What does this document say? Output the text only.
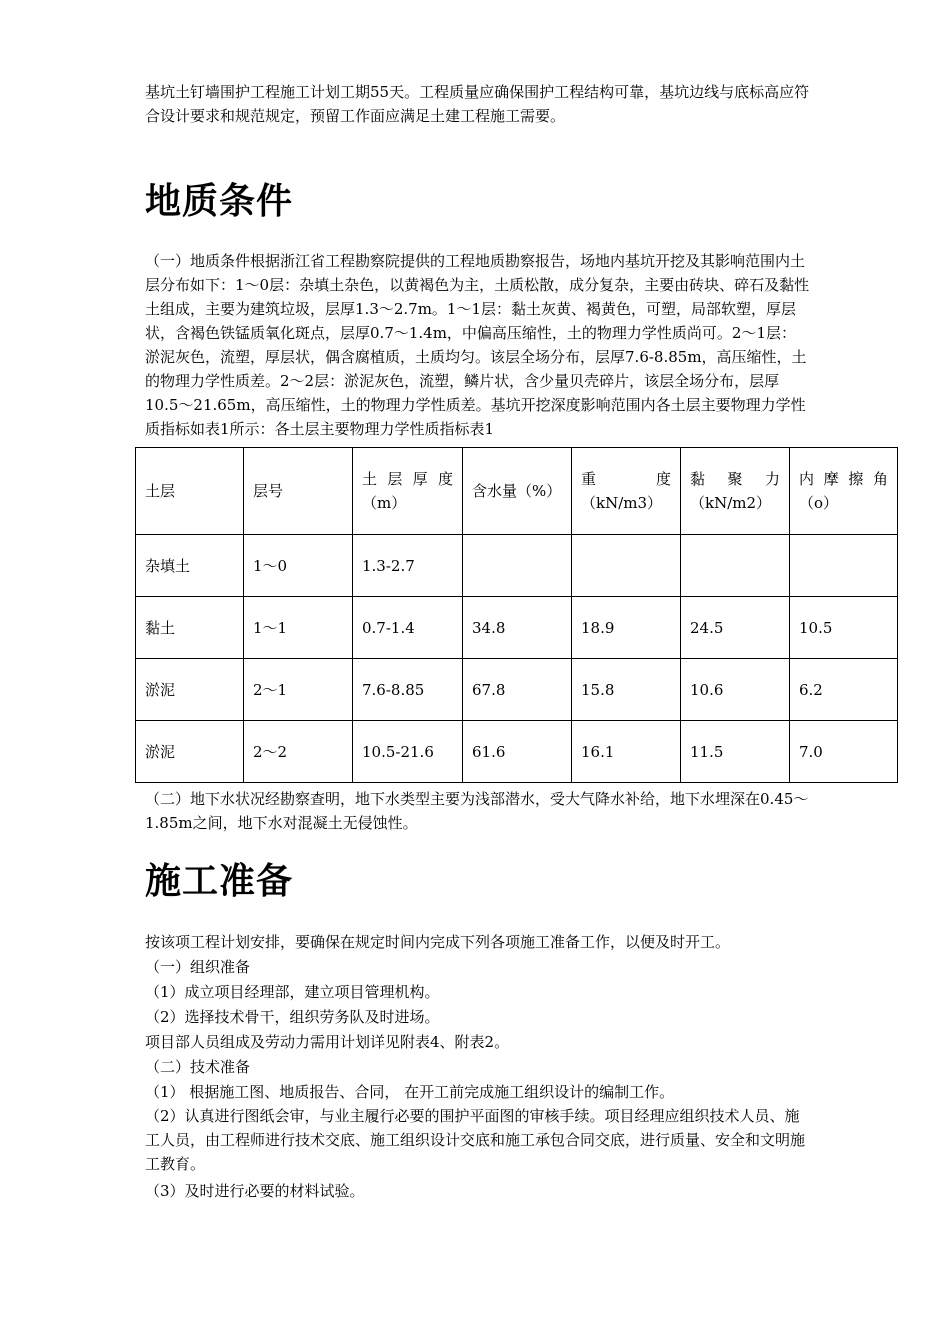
基坑土钉墙围护工程施工计划工期55天。工程质量应确保围护工程结构可靠，基坑边线与底标高应符合设计要求和规范规定，预留工作面应满足土建工程施工需要。

地质条件

（一）地质条件根据浙江省工程勘察院提供的工程地质勘察报告，场地内基坑开挖及其影响范围内土层分布如下：1～0层：杂填土杂色，以黄褐色为主，土质松散，成分复杂，主要由砖块、碎石及黏性土组成，主要为建筑垃圾，层厚1.3～2.7m。1～1层：黏土灰黄、褐黄色，可塑，局部软塑，厚层状，含褐色铁锰质氧化斑点，层厚0.7～1.4m，中偏高压缩性，土的物理力学性质尚可。2～1层：淤泥灰色，流塑，厚层状，偶含腐植质，土质均匀。该层全场分布，层厚7.6-8.85m，高压缩性，土的物理力学性质差。2～2层：淤泥灰色，流塑，鳞片状，含少量贝壳碎片，该层全场分布，层厚10.5～21.65m，高压缩性，土的物理力学性质差。基坑开挖深度影响范围内各土层主要物理力学性质指标如表1所示：各土层主要物理力学性质指标表1

土层	层号	土层厚度（m）	含水量（%）	重度（kN/m3）	黏聚力（kN/m2）	内摩擦角（o）
杂填土	1～0	1.3-2.7				
黏土	1～1	0.7-1.4	34.8	18.9	24.5	10.5
淤泥	2～1	7.6-8.85	67.8	15.8	10.6	6.2
淤泥	2～2	10.5-21.6	61.6	16.1	11.5	7.0

（二）地下水状况经勘察查明，地下水类型主要为浅部潜水，受大气降水补给，地下水埋深在0.45～1.85m之间，地下水对混凝土无侵蚀性。

施工准备

按该项工程计划安排，要确保在规定时间内完成下列各项施工准备工作，以便及时开工。

（一）组织准备

（1）成立项目经理部，建立项目管理机构。

（2）选择技术骨干，组织劳务队及时进场。

项目部人员组成及劳动力需用计划详见附表4、附表2。

（二）技术准备

（1） 根据施工图、地质报告、合同， 在开工前完成施工组织设计的编制工作。

（2）认真进行图纸会审，与业主履行必要的围护平面图的审核手续。项目经理应组织技术人员、施工人员，由工程师进行技术交底、施工组织设计交底和施工承包合同交底，进行质量、安全和文明施工教育。

（3）及时进行必要的材料试验。
